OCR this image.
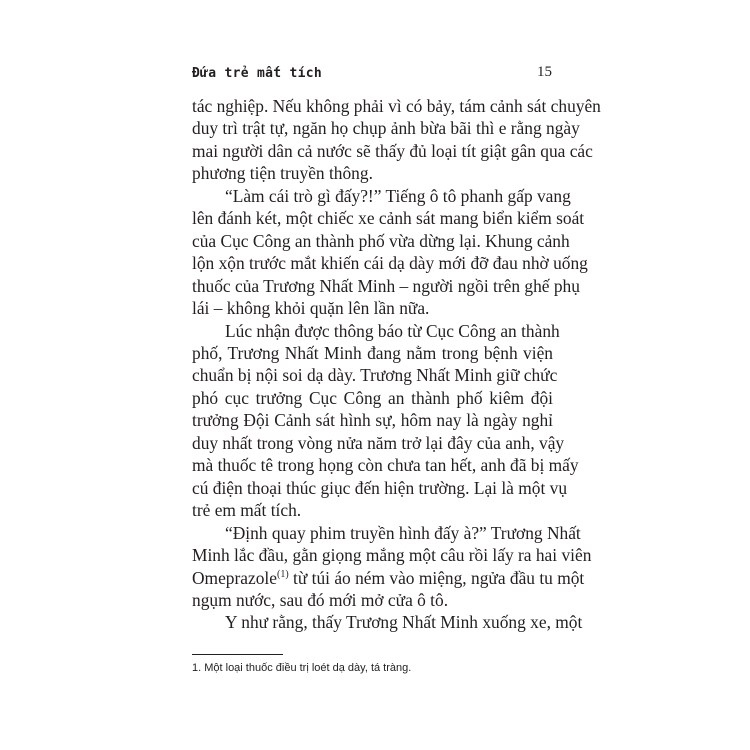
Đứa trẻ mất tích	15
tác nghiệp. Nếu không phải vì có bảy, tám cảnh sát chuyên
duy trì trật tự, ngăn họ chụp ảnh bừa bãi thì e rằng ngày
mai người dân cả nước sẽ thấy đủ loại tít giật gân qua các
phương tiện truyền thông.
“Làm cái trò gì đấy?!” Tiếng ô tô phanh gấp vang
lên đánh két, một chiếc xe cảnh sát mang biển kiểm soát
của Cục Công an thành phố vừa dừng lại. Khung cảnh
lộn xộn trước mắt khiến cái dạ dày mới đỡ đau nhờ uống
thuốc của Trương Nhất Minh – người ngồi trên ghế phụ
lái – không khỏi quặn lên lần nữa.
Lúc nhận được thông báo từ Cục Công an thành
phố, Trương Nhất Minh đang nằm trong bệnh viện
chuẩn bị nội soi dạ dày. Trương Nhất Minh giữ chức
phó cục trưởng Cục Công an thành phố kiêm đội
trưởng Đội Cảnh sát hình sự, hôm nay là ngày nghỉ
duy nhất trong vòng nửa năm trở lại đây của anh, vậy
mà thuốc tê trong họng còn chưa tan hết, anh đã bị mấy
cú điện thoại thúc giục đến hiện trường. Lại là một vụ
trẻ em mất tích.
“Định quay phim truyền hình đấy à?” Trương Nhất
Minh lắc đầu, gằn giọng mắng một câu rồi lấy ra hai viên
Omeprazole$^{(1)}$ từ túi áo ném vào miệng, ngửa đầu tu một
ngụm nước, sau đó mới mở cửa ô tô.
Y như rằng, thấy Trương Nhất Minh xuống xe, một
1. Một loại thuốc điều trị loét dạ dày, tá tràng.
